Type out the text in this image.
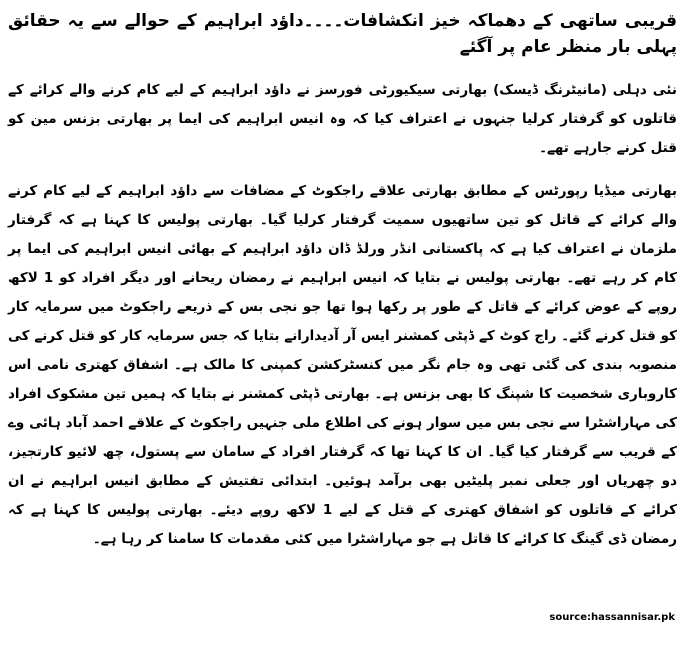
قریبی ساتھی کے دھماکہ خیز انکشافات۔۔۔۔داؤد ابراہیم کے حوالے سے یہ حقائق پہلی بار منظر عام پر آگئے

نئی دہلی (مانیٹرنگ ڈیسک) بھارتی سیکیورٹی فورسز نے داؤد ابراہیم کے لیے کام کرنے والے کرائے کے قاتلوں کو گرفتار کرلیا جنہوں نے اعتراف کیا کہ وہ انیس ابراہیم کی ایما پر بھارتی بزنس مین کو قتل کرنے جارہے تھے۔

بھارتی میڈیا رپورٹس کے مطابق بھارتی علاقے راجکوٹ کے مضافات سے داؤد ابراہیم کے لیے کام کرنے والے کرائے کے قاتل کو تین ساتھیوں سمیت گرفتار کرلیا گیا۔ بھارتی پولیس کا کہنا ہے کہ گرفتار ملزمان نے اعتراف کیا ہے کہ پاکستانی انڈر ورلڈ ڈان داؤد ابراہیم کے بھائی انیس ابراہیم کی ایما پر کام کر رہے تھے۔ بھارتی پولیس نے بتایا کہ انیس ابراہیم نے رمضان ریحانے اور دیگر افراد کو 1 لاکھ روپے کے عوض کرائے کے قاتل کے طور پر رکھا ہوا تھا جو نجی بس کے ذریعے راجکوٹ میں سرمایہ کار کو قتل کرنے گئے۔ راج کوٹ کے ڈپٹی کمشنر ایس آر آدیدارانے بتایا کہ جس سرمایہ کار کو قتل کرنے کی منصوبہ بندی کی گئی تھی وہ جام نگر میں کنسٹرکشن کمپنی کا مالک ہے۔ اشفاق کھتری نامی اس کاروباری شخصیت کا شپنگ کا بھی بزنس ہے۔ بھارتی ڈپٹی کمشنر نے بتایا کہ ہمیں تین مشکوک افراد کی مہاراشٹرا سے نجی بس میں سوار ہونے کی اطلاع ملی جنہیں راجکوٹ کے علاقے احمد آباد ہائی وے کے قریب سے گرفتار کیا گیا۔ ان کا کہنا تھا کہ گرفتار افراد کے سامان سے پستول، چھ لائیو کارتجیز، دو چھریاں اور جعلی نمبر پلیٹیں بھی برآمد ہوئیں۔ ابتدائی تفتیش کے مطابق انیس ابراہیم نے ان کرائے کے قاتلوں کو اشفاق کھتری کے قتل کے لیے 1 لاکھ روپے دیئے۔ بھارتی پولیس کا کہنا ہے کہ رمضان ڈی گینگ کا کرائے کا قاتل ہے جو مہاراشٹرا میں کئی مقدمات کا سامنا کر رہا ہے۔

source:hassannisar.pk
